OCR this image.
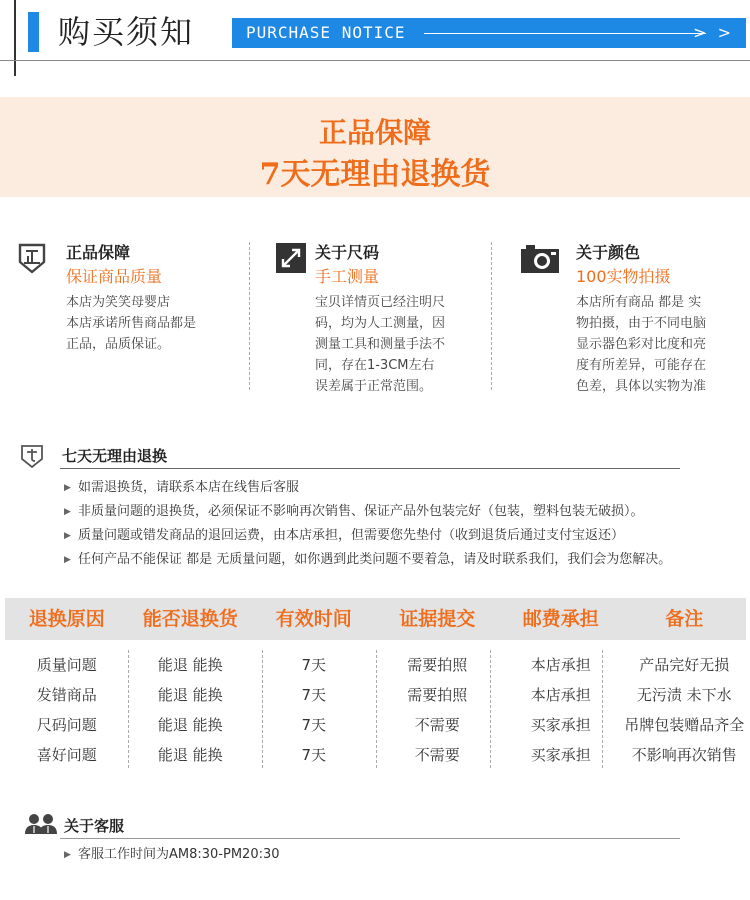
购买须知	PURCHASE NOTICE	> >
正品保障
7天无理由退换货
正品保障
保证商品质量
本店为笑笑母婴店
本店承诺所售商品都是
正品，品质保证。
关于尺码
手工测量
宝贝详情页已经注明尺
码，均为人工测量，因
测量工具和测量手法不
同，存在1-3CM左右
误差属于正常范围。
关于颜色
100实物拍摄
本店所有商品 都是 实
物拍摄，由于不同电脑
显示器色彩对比度和亮
度有所差异，可能存在
色差，具体以实物为准
七天无理由退换
▶ 如需退换货，请联系本店在线售后客服
▶ 非质量问题的退换货，必须保证不影响再次销售、保证产品外包装完好（包装，塑料包装无破损）。
▶ 质量问题或错发商品的退回运费，由本店承担，但需要您先垫付（收到退货后通过支付宝返还）
▶ 任何产品不能保证 都是 无质量问题，如你遇到此类问题不要着急，请及时联系我们，我们会为您解决。
退换原因	能否退换货	有效时间	证据提交	邮费承担	备注
质量问题	能退 能换	7天	需要拍照	本店承担	产品完好无损
发错商品	能退 能换	7天	需要拍照	本店承担	无污渍 未下水
尺码问题	能退 能换	7天	不需要	买家承担	吊牌包装赠品齐全
喜好问题	能退 能换	7天	不需要	买家承担	不影响再次销售
关于客服
▶ 客服工作时间为AM8:30-PM20:30
